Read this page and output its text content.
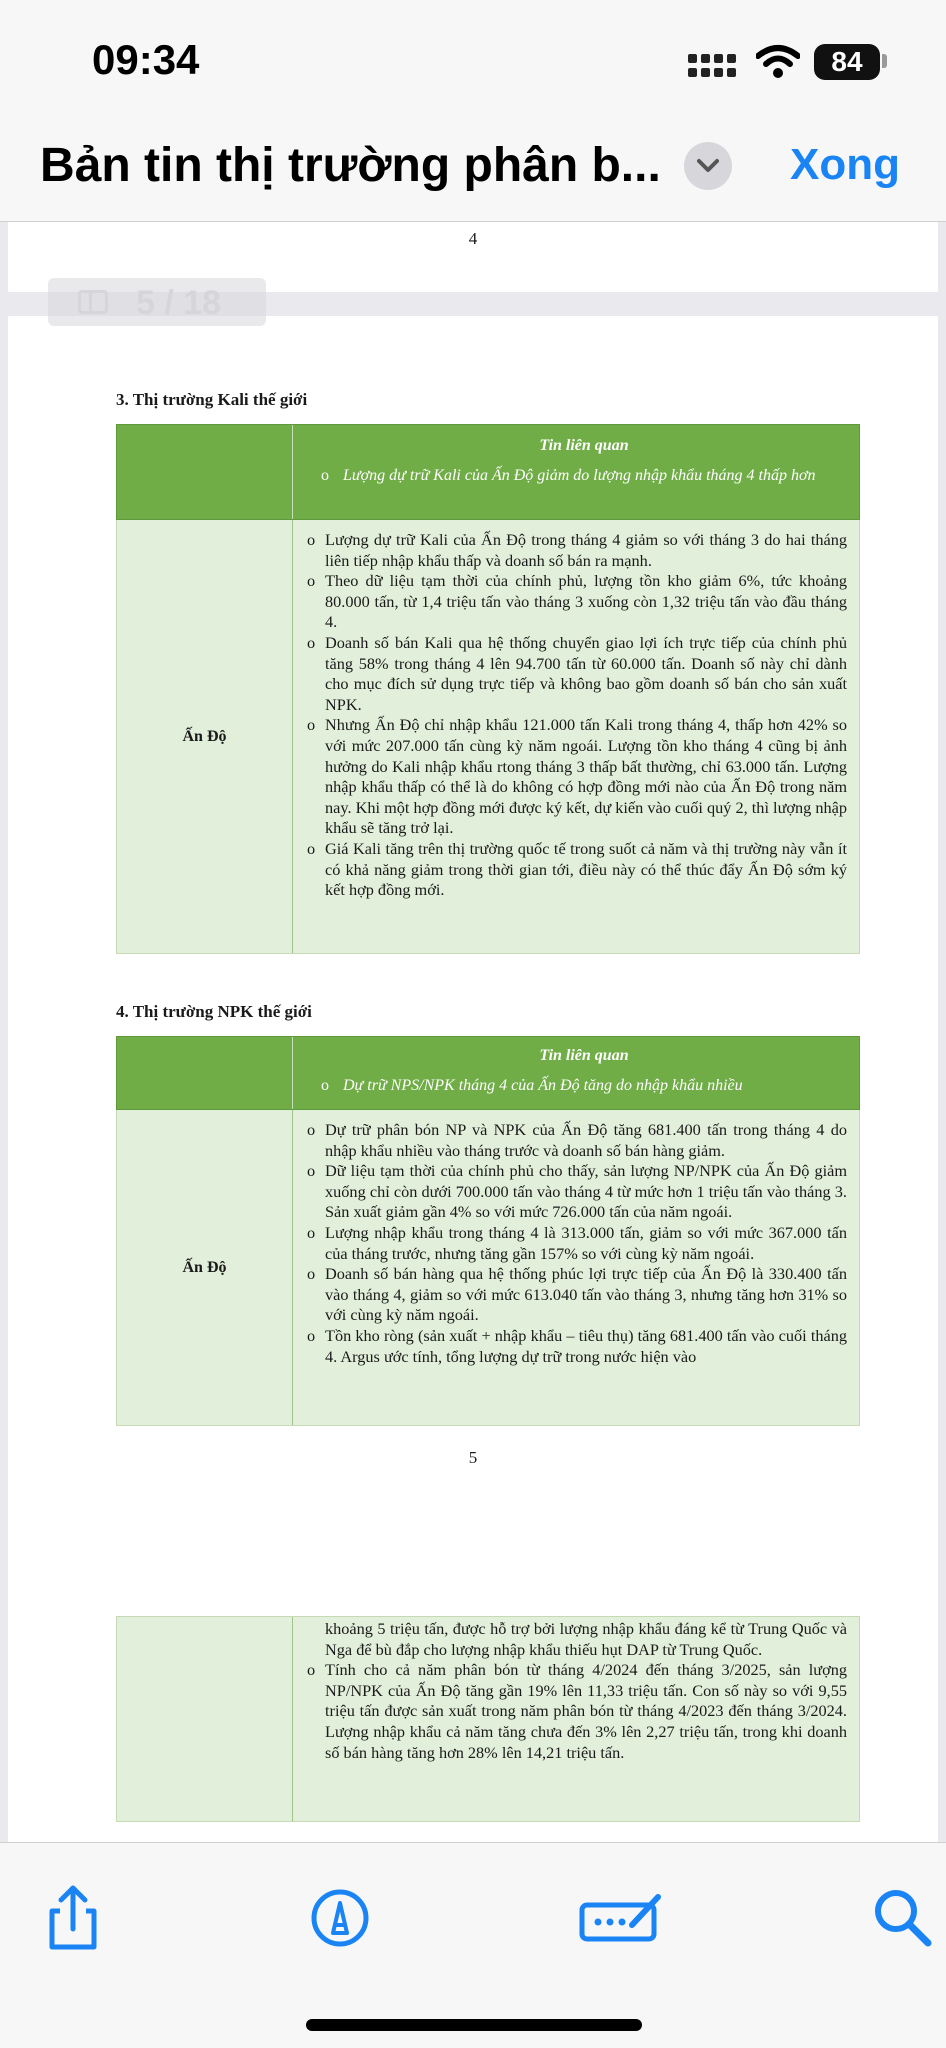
09:34	84
Bản tin thị trường phân b...	Xong
4
3. Thị trường Kali thế giới
Tin liên quan
o Lượng dự trữ Kali của Ấn Độ giảm do lượng nhập khẩu tháng 4 thấp hơn
Ấn Độ
o Lượng dự trữ Kali của Ấn Độ trong tháng 4 giảm so với tháng 3 do hai tháng liên tiếp nhập khẩu thấp và doanh số bán ra mạnh.
o Theo dữ liệu tạm thời của chính phủ, lượng tồn kho giảm 6%, tức khoảng 80.000 tấn, từ 1,4 triệu tấn vào tháng 3 xuống còn 1,32 triệu tấn vào đầu tháng 4.
o Doanh số bán Kali qua hệ thống chuyển giao lợi ích trực tiếp của chính phủ tăng 58% trong tháng 4 lên 94.700 tấn từ 60.000 tấn. Doanh số này chỉ dành cho mục đích sử dụng trực tiếp và không bao gồm doanh số bán cho sản xuất NPK.
o Nhưng Ấn Độ chỉ nhập khẩu 121.000 tấn Kali trong tháng 4, thấp hơn 42% so với mức 207.000 tấn cùng kỳ năm ngoái. Lượng tồn kho tháng 4 cũng bị ảnh hưởng do Kali nhập khẩu rtong tháng 3 thấp bất thường, chỉ 63.000 tấn. Lượng nhập khẩu thấp có thể là do không có hợp đồng mới nào của Ấn Độ trong năm nay. Khi một hợp đồng mới được ký kết, dự kiến vào cuối quý 2, thì lượng nhập khẩu sẽ tăng trở lại.
o Giá Kali tăng trên thị trường quốc tế trong suốt cả năm và thị trường này vẫn ít có khả năng giảm trong thời gian tới, điều này có thể thúc đẩy Ấn Độ sớm ký kết hợp đồng mới.
4. Thị trường NPK thế giới
Tin liên quan
o Dự trữ NPS/NPK tháng 4 của Ấn Độ tăng do nhập khẩu nhiều
Ấn Độ
o Dự trữ phân bón NP và NPK của Ấn Độ tăng 681.400 tấn trong tháng 4 do nhập khẩu nhiều vào tháng trước và doanh số bán hàng giảm.
o Dữ liệu tạm thời của chính phủ cho thấy, sản lượng NP/NPK của Ấn Độ giảm xuống chỉ còn dưới 700.000 tấn vào tháng 4 từ mức hơn 1 triệu tấn vào tháng 3. Sản xuất giảm gần 4% so với mức 726.000 tấn của năm ngoái.
o Lượng nhập khẩu trong tháng 4 là 313.000 tấn, giảm so với mức 367.000 tấn của tháng trước, nhưng tăng gần 157% so với cùng kỳ năm ngoái.
o Doanh số bán hàng qua hệ thống phúc lợi trực tiếp của Ấn Độ là 330.400 tấn vào tháng 4, giảm so với mức 613.040 tấn vào tháng 3, nhưng tăng hơn 31% so với cùng kỳ năm ngoái.
o Tồn kho ròng (sản xuất + nhập khẩu – tiêu thụ) tăng 681.400 tấn vào cuối tháng 4. Argus ước tính, tổng lượng dự trữ trong nước hiện vào
5
khoảng 5 triệu tấn, được hỗ trợ bởi lượng nhập khẩu đáng kể từ Trung Quốc và Nga để bù đắp cho lượng nhập khẩu thiếu hụt DAP từ Trung Quốc.
o Tính cho cả năm phân bón từ tháng 4/2024 đến tháng 3/2025, sản lượng NP/NPK của Ấn Độ tăng gần 19% lên 11,33 triệu tấn. Con số này so với 9,55 triệu tấn được sản xuất trong năm phân bón từ tháng 4/2023 đến tháng 3/2024. Lượng nhập khẩu cả năm tăng chưa đến 3% lên 2,27 triệu tấn, trong khi doanh số bán hàng tăng hơn 28% lên 14,21 triệu tấn.
5 / 18
